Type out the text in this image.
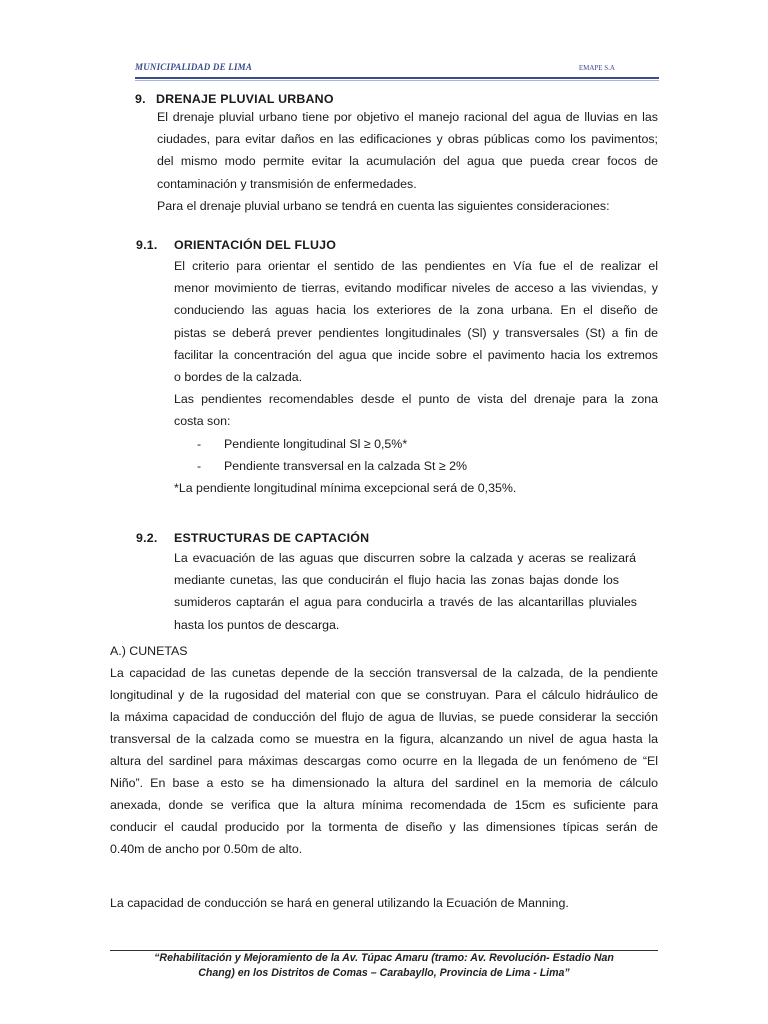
MUNICIPALIDAD DE LIMA	EMAPE S.A
9. DRENAJE PLUVIAL URBANO
El drenaje pluvial urbano tiene por objetivo el manejo racional del agua de lluvias en las
ciudades, para evitar daños en las edificaciones y obras públicas como los pavimentos;
del mismo modo permite evitar la acumulación del agua que pueda crear focos de
contaminación y transmisión de enfermedades.
Para el drenaje pluvial urbano se tendrá en cuenta las siguientes consideraciones:
9.1. ORIENTACIÓN DEL FLUJO
El criterio para orientar el sentido de las pendientes en Vía fue el de realizar el
menor movimiento de tierras, evitando modificar niveles de acceso a las viviendas, y
conduciendo las aguas hacia los exteriores de la zona urbana. En el diseño de
pistas se deberá prever pendientes longitudinales (Sl) y transversales (St) a fin de
facilitar la concentración del agua que incide sobre el pavimento hacia los extremos
o bordes de la calzada.
Las pendientes recomendables desde el punto de vista del drenaje para la zona
costa son:
- Pendiente longitudinal Sl ≥ 0,5%*
- Pendiente transversal en la calzada St ≥ 2%
*La pendiente longitudinal mínima excepcional será de 0,35%.
9.2. ESTRUCTURAS DE CAPTACIÓN
La evacuación de las aguas que discurren sobre la calzada y aceras se realizará
mediante cunetas, las que conducirán el flujo hacia las zonas bajas donde los
sumideros captarán el agua para conducirla a través de las alcantarillas pluviales
hasta los puntos de descarga.
A.) CUNETAS
La capacidad de las cunetas depende de la sección transversal de la calzada, de la pendiente
longitudinal y de la rugosidad del material con que se construyan. Para el cálculo hidráulico de
la máxima capacidad de conducción del flujo de agua de lluvias, se puede considerar la sección
transversal de la calzada como se muestra en la figura, alcanzando un nivel de agua hasta la
altura del sardinel para máximas descargas como ocurre en la llegada de un fenómeno de “El
Niño”. En base a esto se ha dimensionado la altura del sardinel en la memoria de cálculo
anexada, donde se verifica que la altura mínima recomendada de 15cm es suficiente para
conducir el caudal producido por la tormenta de diseño y las dimensiones típicas serán de
0.40m de ancho por 0.50m de alto.
La capacidad de conducción se hará en general utilizando la Ecuación de Manning.
“Rehabilitación y Mejoramiento de la Av. Túpac Amaru (tramo: Av. Revolución- Estadio Nan
Chang) en los Distritos de Comas – Carabayllo, Provincia de Lima - Lima”
